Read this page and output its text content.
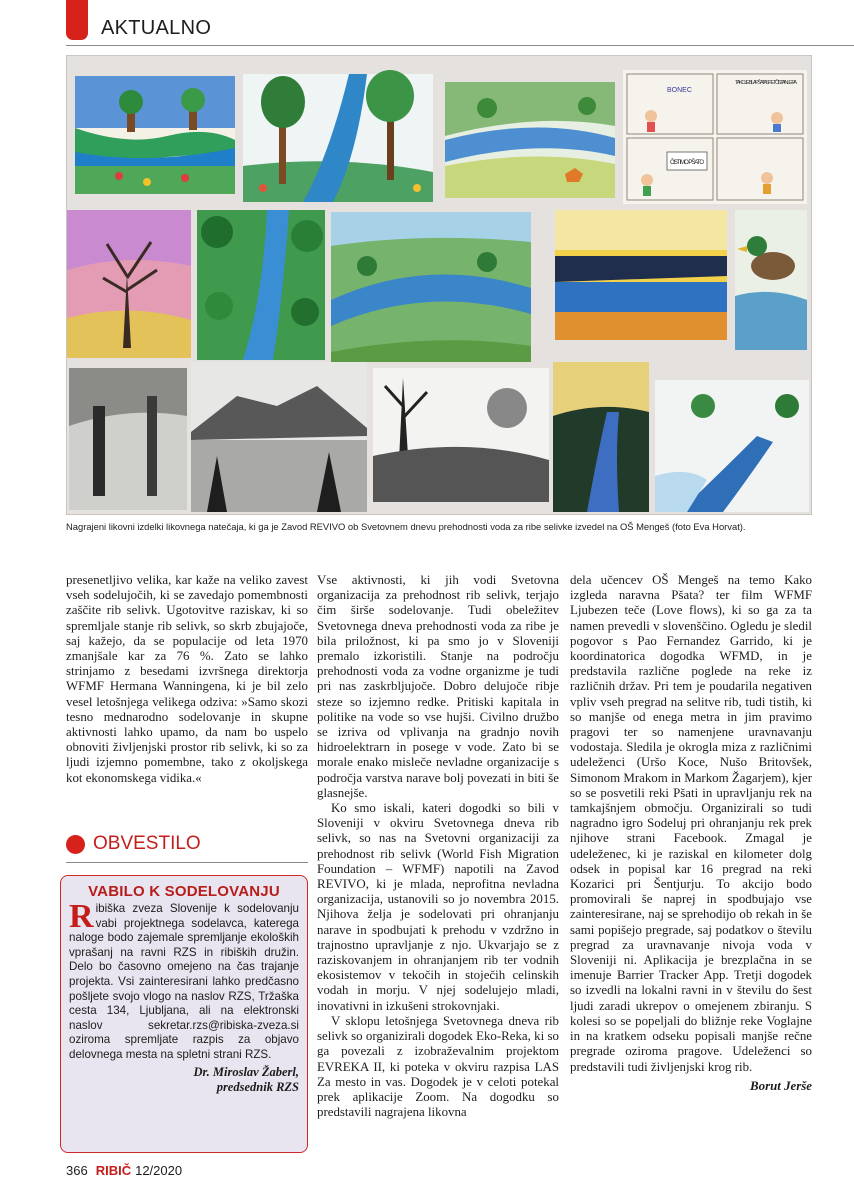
AKTUALNO
BONEC
TAKO JE BILA PŠATA SPET ČISTA IN LEPA
ČISTIMO PŠATO
Nagrajeni likovni izdelki likovnega natečaja, ki ga je Zavod REVIVO ob Svetovnem dnevu prehodnosti voda za ribe selivke izvedel na OŠ Mengeš (foto Eva Horvat).

presenetljivo velika, kar kaže na veliko zavest vseh sodelujočih, ki se zavedajo pomembnosti zaščite rib selivk. Ugotovitve raziskav, ki so spremljale stanje rib selivk, so skrb zbujajoče, saj kažejo, da se populacije od leta 1970 zmanjšale kar za 76 %. Zato se lahko strinjamo z besedami izvršnega direktorja WFMF Hermana Wanningena, ki je bil zelo vesel letošnjega velikega odziva: »Samo skozi tesno mednarodno sodelovanje in skupne aktivnosti lahko upamo, da nam bo uspelo obnoviti življenjski prostor rib selivk, ki so za ljudi izjemno pomembne, tako z okoljskega kot ekonomskega vidika.«

OBVESTILO
VABILO K SODELOVANJU
Ribiška zveza Slovenije k sodelovanju vabi projektnega sodelavca, katerega naloge bodo zajemale spremljanje ekoloških vprašanj na ravni RZS in ribiških družin. Delo bo časovno omejeno na čas trajanje projekta. Vsi zainteresirani lahko predčasno pošljete svojo vlogo na naslov RZS, Tržaška cesta 134, Ljubljana, ali na elektronski naslov sekretar.rzs@ribiska-zveza.si oziroma spremljate razpis za objavo delovnega mesta na spletni strani RZS.
Dr. Miroslav Žaberl,
predsednik RZS

Vse aktivnosti, ki jih vodi Svetovna organizacija za prehodnost rib selivk, terjajo čim širše sodelovanje. Tudi obeležitev Svetovnega dneva prehodnosti voda za ribe je bila priložnost, ki pa smo jo v Sloveniji premalo izkoristili. Stanje na področju prehodnosti voda za vodne organizme je tudi pri nas zaskrbljujoče. Dobro delujoče ribje steze so izjemno redke. Pritiski kapitala in politike na vode so vse hujši. Civilno družbo se izriva od vplivanja na gradnjo novih hidroelektrarn in posege v vode. Zato bi se morale enako misleče nevladne organizacije s področja varstva narave bolj povezati in biti še glasnejše.

Ko smo iskali, kateri dogodki so bili v Sloveniji v okviru Svetovnega dneva rib selivk, so nas na Svetovni organizaciji za prehodnost rib selivk (World Fish Migration Foundation – WFMF) napotili na Zavod REVIVO, ki je mlada, neprofitna nevladna organizacija, ustanovili so jo novembra 2015. Njihova želja je sodelovati pri ohranjanju narave in spodbujati k prehodu v vzdržno in trajnostno upravljanje z njo. Ukvarjajo se z raziskovanjem in ohranjanjem rib ter vodnih ekosistemov v tekočih in stoječih celinskih vodah in morju. V njej sodelujejo mladi, inovativni in izkušeni strokovnjaki.

V sklopu letošnjega Svetovnega dneva rib selivk so organizirali dogodek Eko-Reka, ki so ga povezali z izobraževalnim projektom EVREKA II, ki poteka v okviru razpisa LAS Za mesto in vas. Dogodek je v celoti potekal prek aplikacije Zoom. Na dogodku so predstavili nagrajena likovna

dela učencev OŠ Mengeš na temo Kako izgleda naravna Pšata? ter film WFMF Ljubezen teče (Love flows), ki so ga za ta namen prevedli v slovenščino. Ogledu je sledil pogovor s Pao Fernandez Garrido, ki je koordinatorica dogodka WFMD, in je predstavila različne poglede na reke iz različnih držav. Pri tem je poudarila negativen vpliv vseh pregrad na selitve rib, tudi tistih, ki so manjše od enega metra in jim pravimo pragovi ter so namenjene uravnavanju vodostaja. Sledila je okrogla miza z različnimi udeleženci (Uršo Koce, Nušo Britovšek, Simonom Mrakom in Markom Žagarjem), kjer so se posvetili reki Pšati in upravljanju rek na tamkajšnjem območju. Organizirali so tudi nagradno igro Sodeluj pri ohranjanju rek prek njihove strani Facebook. Zmagal je udeleženec, ki je raziskal en kilometer dolg odsek in popisal kar 16 pregrad na reki Kozarici pri Šentjurju. To akcijo bodo promovirali še naprej in spodbujajo vse zainteresirane, naj se sprehodijo ob rekah in še sami popišejo pregrade, saj podatkov o številu pregrad za uravnavanje nivoja voda v Sloveniji ni. Aplikacija je brezplačna in se imenuje Barrier Tracker App. Tretji dogodek so izvedli na lokalni ravni in v številu do šest ljudi zaradi ukrepov o omejenem zbiranju. S kolesi so se popeljali do bližnje reke Voglajne in na kratkem odseku popisali manjše rečne pregrade oziroma pragove. Udeleženci so predstavili tudi življenjski krog rib.

Borut Jerše
366 RIBIČ 12/2020
